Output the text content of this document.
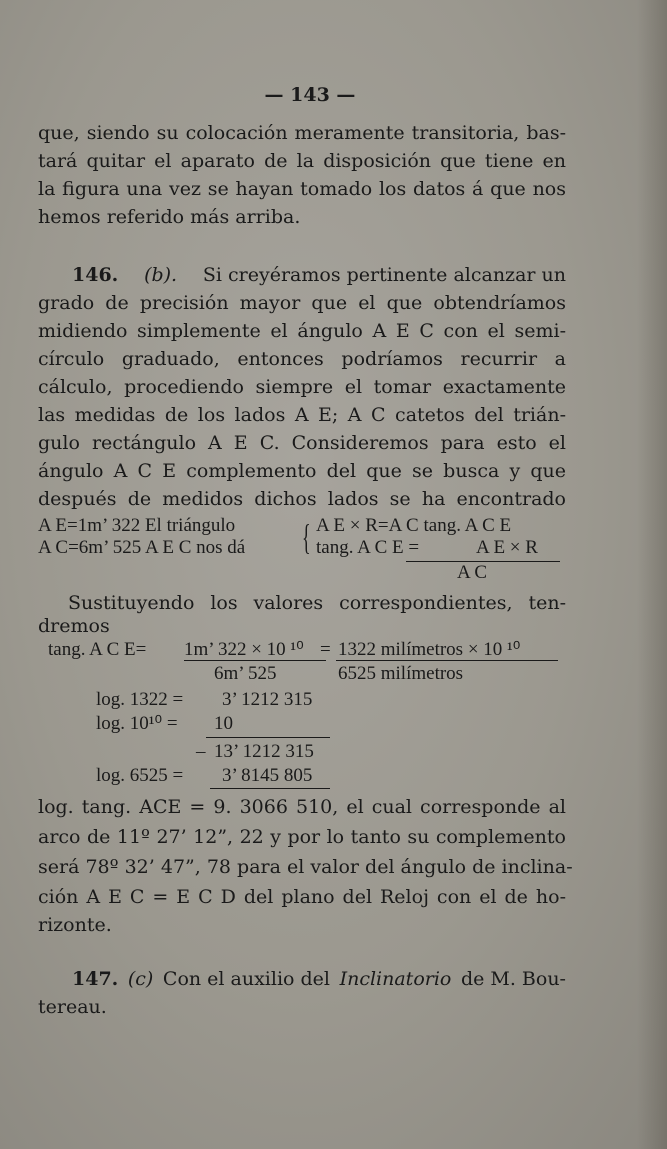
— 143 —
que, siendo su colocación meramente transitoria, bas-
tará quitar el aparato de la disposición que tiene en
la figura una vez se hayan tomado los datos á que nos
hemos referido más arriba.
146. (b). Si creyéramos pertinente alcanzar un
grado de precisión mayor que el que obtendríamos
midiendo simplemente el ángulo A E C con el semi-
círculo graduado, entonces podríamos recurrir a
cálculo, procediendo siempre el tomar exactamente
las medidas de los lados A E; A C catetos del trián-
gulo rectángulo A E C. Consideremos para esto el
ángulo A C E complemento del que se busca y que
después de medidos dichos lados se ha encontrado
A E=1m’ 322 El triángulo
A C=6m’ 525 A E C nos dá { A E × R=A C tang. A C E
tang. A C E =	A E × R
A C
Sustituyendo los valores correspondientes, ten-
dremos
tang. A C E= 1m’ 322 × 10 ¹⁰ = 1322 milímetros × 10 ¹⁰
6m’ 525	6525 milímetros
log. 1322 = 3’ 1212 315
log. 10¹⁰ = 10
– 13’ 1212 315
log. 6525 = 3’ 8145 805
log. tang. ACE = 9. 3066 510, el cual corresponde al
arco de 11º 27’ 12”, 22 y por lo tanto su complemento
será 78º 32’ 47”, 78 para el valor del ángulo de inclina-
ción A E C = E C D del plano del Reloj con el de ho-
rizonte.
147. (c) Con el auxilio del Inclinatorio de M. Bou-
tereau.
